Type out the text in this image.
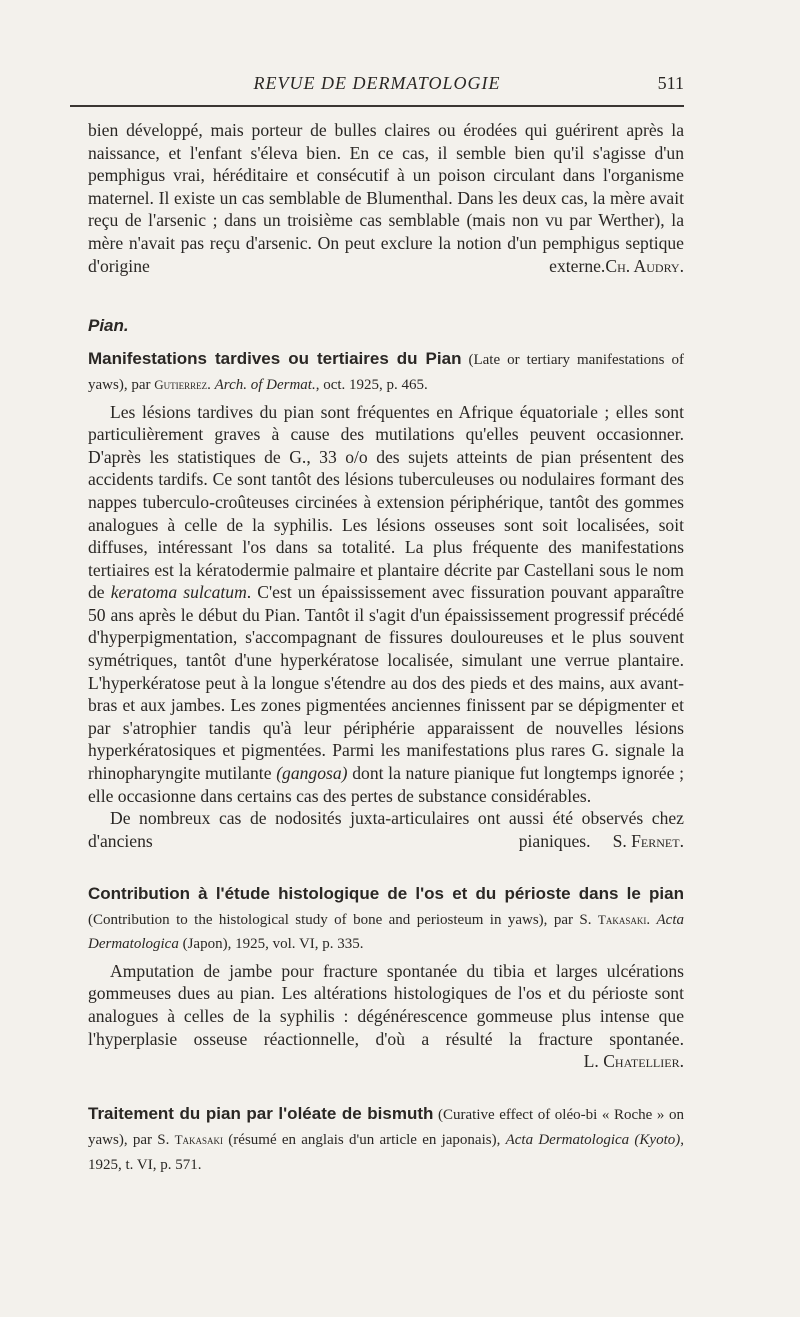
REVUE DE DERMATOLOGIE	511

bien développé, mais porteur de bulles claires ou érodées qui guérirent après la naissance, et l'enfant s'éleva bien. En ce cas, il semble bien qu'il s'agisse d'un pemphigus vrai, héréditaire et consécutif à un poison circulant dans l'organisme maternel. Il existe un cas semblable de Blumenthal. Dans les deux cas, la mère avait reçu de l'arsenic ; dans un troisième cas semblable (mais non vu par Werther), la mère n'avait pas reçu d'arsenic. On peut exclure la notion d'un pemphigus septique d'origine externe. Ch. Audry.

Pian.

Manifestations tardives ou tertiaires du Pian (Late or tertiary manifestations of yaws), par Gutierrez. Arch. of Dermat., oct. 1925, p. 465.

Les lésions tardives du pian sont fréquentes en Afrique équatoriale ; elles sont particulièrement graves à cause des mutilations qu'elles peuvent occasionner. D'après les statistiques de G., 33 o/o des sujets atteints de pian présentent des accidents tardifs. Ce sont tantôt des lésions tuberculeuses ou nodulaires formant des nappes tuberculo-croûteuses circinées à extension périphérique, tantôt des gommes analogues à celle de la syphilis. Les lésions osseuses sont soit localisées, soit diffuses, intéressant l'os dans sa totalité. La plus fréquente des manifestations tertiaires est la kératodermie palmaire et plantaire décrite par Castellani sous le nom de keratoma sulcatum. C'est un épaississement avec fissuration pouvant apparaître 50 ans après le début du Pian. Tantôt il s'agit d'un épaississement progressif précédé d'hyperpigmentation, s'accompagnant de fissures douloureuses et le plus souvent symétriques, tantôt d'une hyperkératose localisée, simulant une verrue plantaire. L'hyperkératose peut à la longue s'étendre au dos des pieds et des mains, aux avant-bras et aux jambes. Les zones pigmentées anciennes finissent par se dépigmenter et par s'atrophier tandis qu'à leur périphérie apparaissent de nouvelles lésions hyperkératosiques et pigmentées. Parmi les manifestations plus rares G. signale la rhinopharyngite mutilante (gangosa) dont la nature pianique fut longtemps ignorée ; elle occasionne dans certains cas des pertes de substance considérables.

De nombreux cas de nodosités juxta-articulaires ont aussi été observés chez d'anciens pianiques.	S. Fernet.

Contribution à l'étude histologique de l'os et du périoste dans le pian (Contribution to the histological study of bone and periosteum in yaws), par S. Takasaki. Acta Dermatologica (Japon), 1925, vol. VI, p. 335.

Amputation de jambe pour fracture spontanée du tibia et larges ulcérations gommeuses dues au pian. Les altérations histologiques de l'os et du périoste sont analogues à celles de la syphilis : dégénérescence gommeuse plus intense que l'hyperplasie osseuse réactionnelle, d'où a résulté la fracture spontanée.
L. Chatellier.

Traitement du pian par l'oléate de bismuth (Curative effect of oléo-bi « Roche » on yaws), par S. Takasaki (résumé en anglais d'un article en japonais), Acta Dermatologica (Kyoto), 1925, t. VI, p. 571.
